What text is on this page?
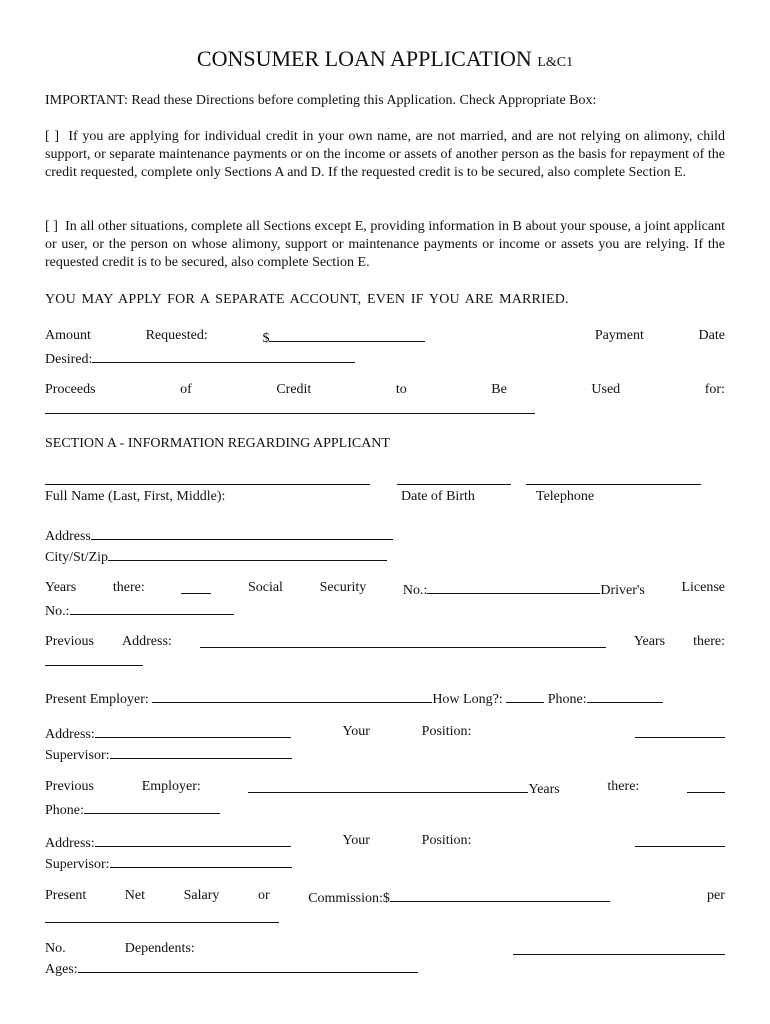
CONSUMER LOAN APPLICATION L&C1
IMPORTANT: Read these Directions before completing this Application. Check Appropriate Box:
[ ] If you are applying for individual credit in your own name, are not married, and are not relying on alimony, child support, or separate maintenance payments or on the income or assets of another person as the basis for repayment of the credit requested, complete only Sections A and D. If the requested credit is to be secured, also complete Section E.
[ ] In all other situations, complete all Sections except E, providing information in B about your spouse, a joint applicant or user, or the person on whose alimony, support or maintenance payments or income or assets you are relying. If the requested credit is to be secured, also complete Section E.
YOU MAY APPLY FOR A SEPARATE ACCOUNT, EVEN IF YOU ARE MARRIED.
Amount	Requested:	$	Payment	Date
Desired:
Proceeds	of	Credit	to	Be	Used	for:
SECTION A - INFORMATION REGARDING APPLICANT
Full Name (Last, First, Middle):	Date of Birth	Telephone
Address
City/St/Zip
Years	there:	Social	Security	No.:	Driver's	License
No.:
Previous Address:	Years there:
Present Employer:	How Long?:	Phone:
Address:	Your	Position:
Supervisor:
Previous	Employer:	Years	there:
Phone:
Address:	Your	Position:
Supervisor:
Present	Net	Salary	or	Commission:$	per
No.	Dependents:
Ages:
